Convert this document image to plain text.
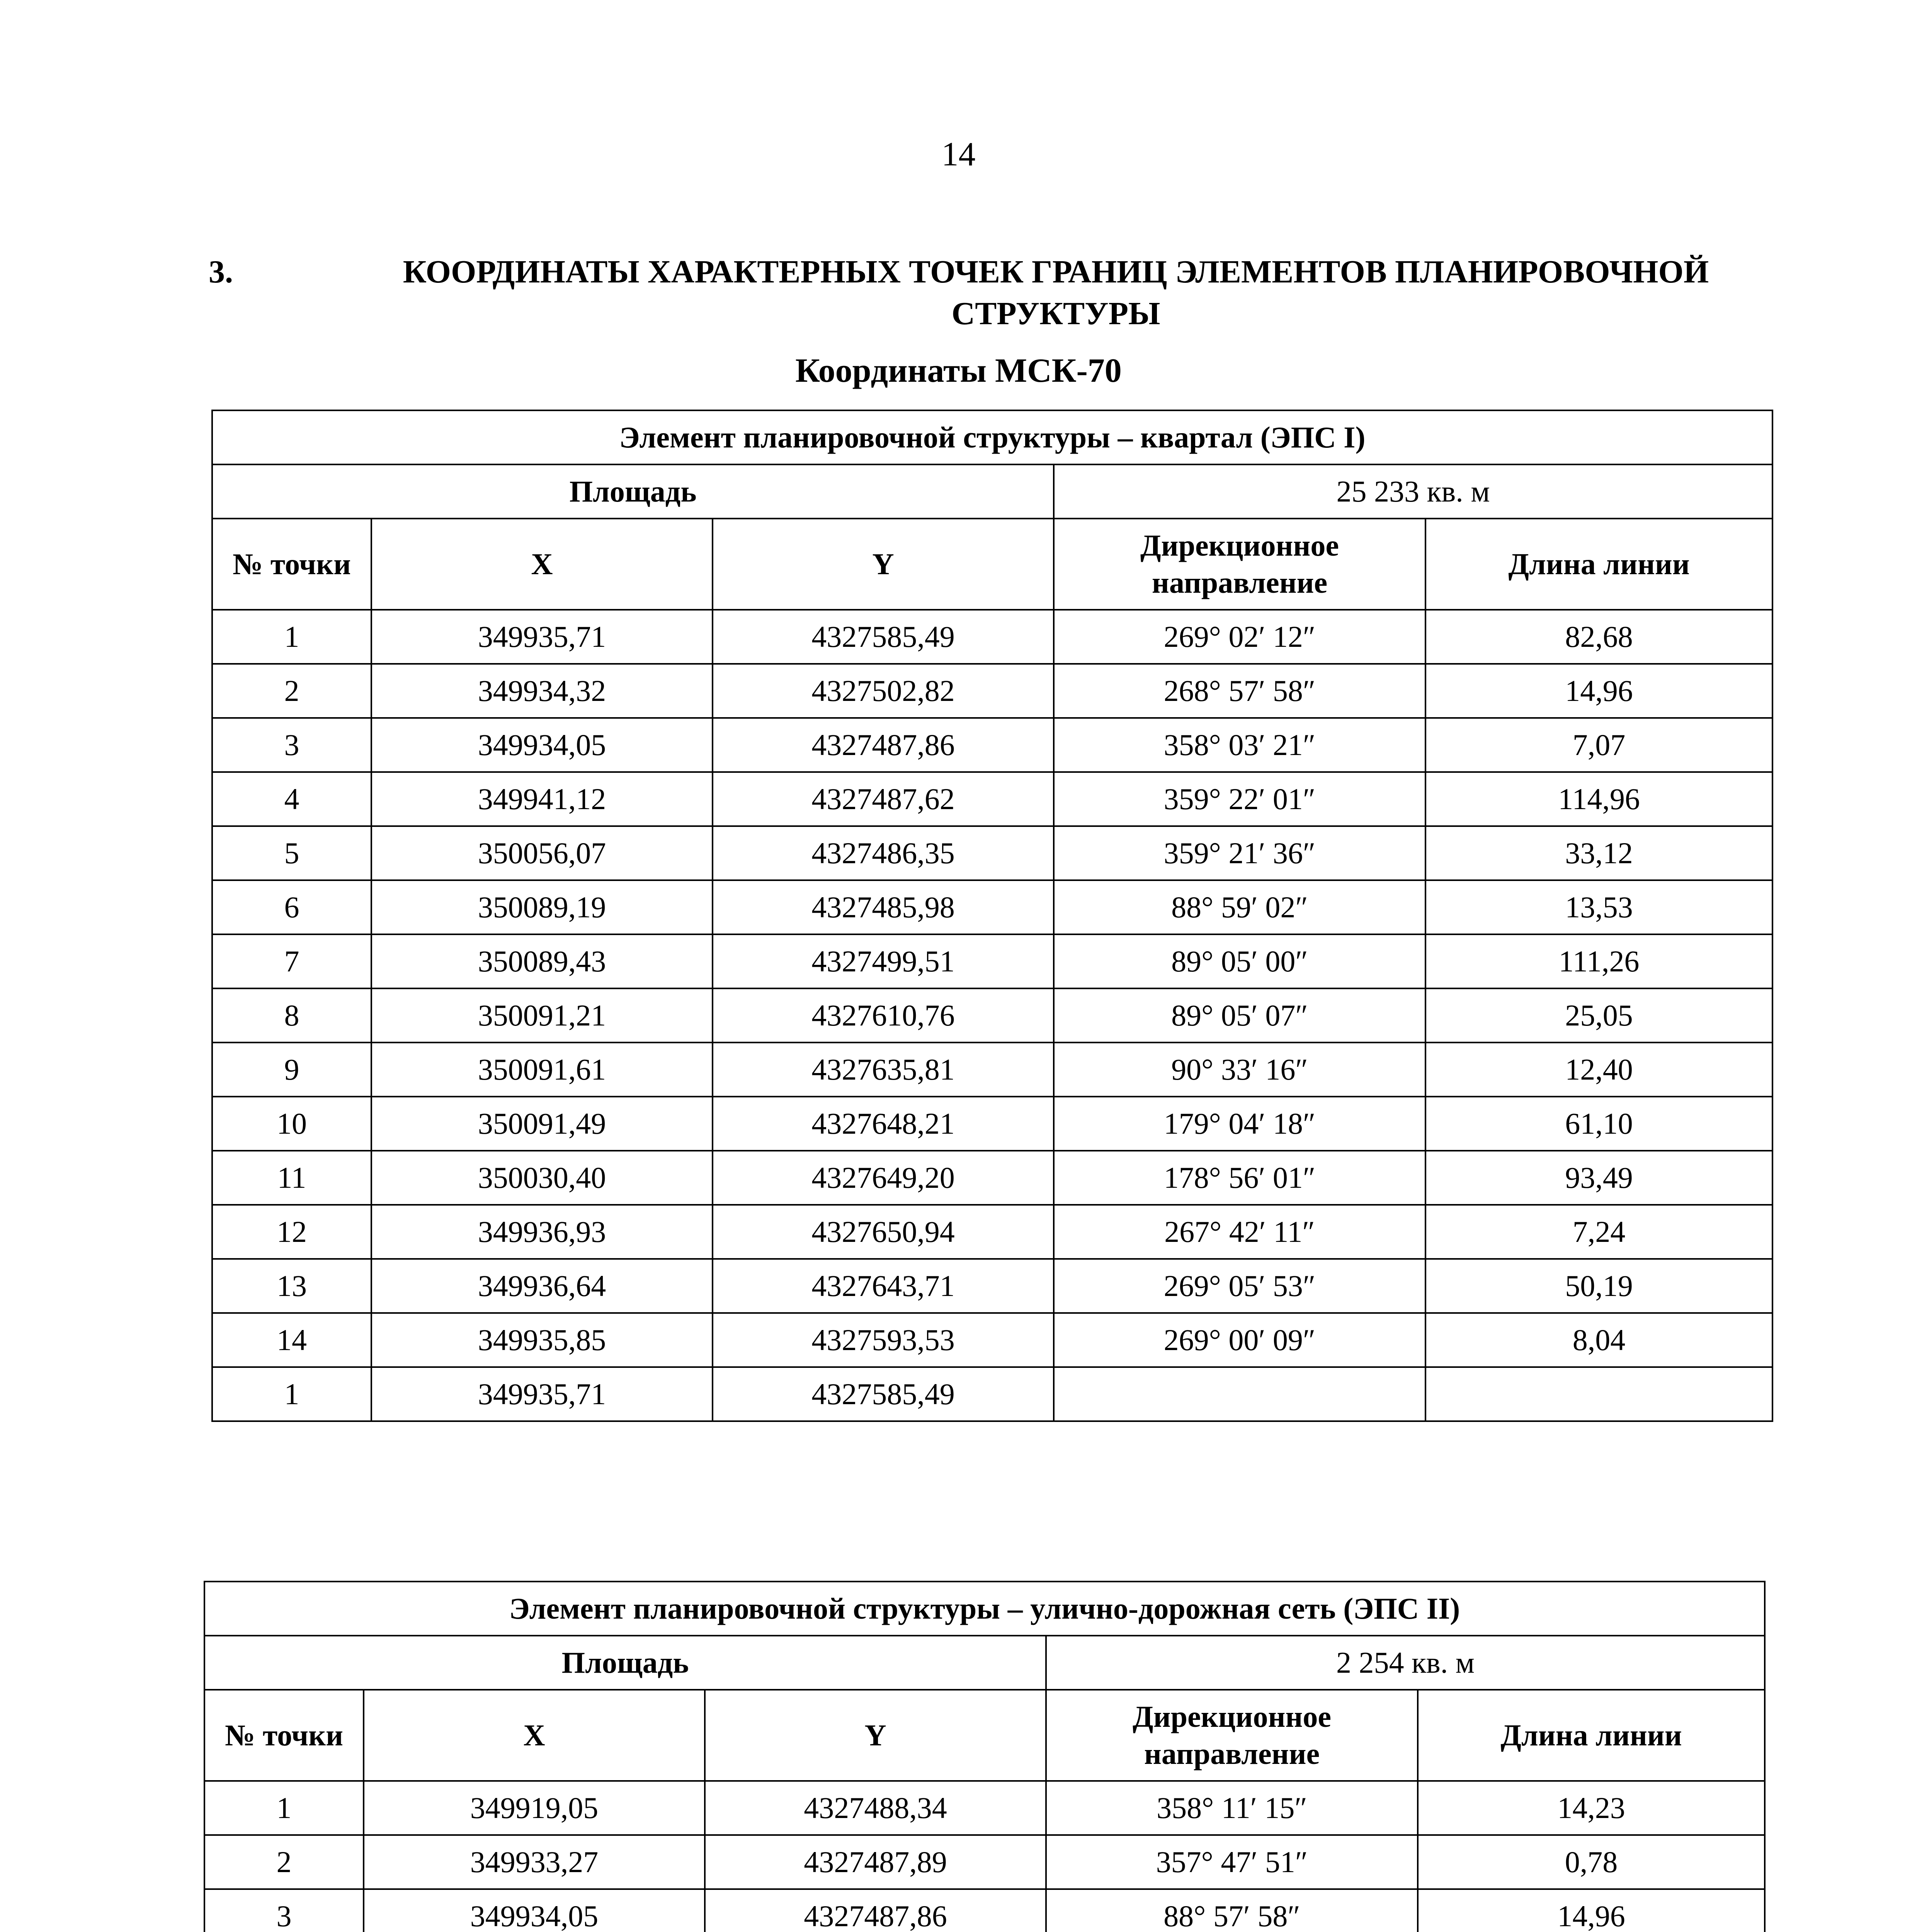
14
3.	КООРДИНАТЫ ХАРАКТЕРНЫХ ТОЧЕК ГРАНИЦ ЭЛЕМЕНТОВ ПЛАНИРОВОЧНОЙ СТРУКТУРЫ
Координаты МСК-70
Элемент планировочной структуры – квартал (ЭПС I)				
Площадь			25 233 кв. м	
№ точки	X	Y	Дирекционное направление	Длина линии
1	349935,71	4327585,49	269° 02′ 12″	82,68
2	349934,32	4327502,82	268° 57′ 58″	14,96
3	349934,05	4327487,86	358° 03′ 21″	7,07
4	349941,12	4327487,62	359° 22′ 01″	114,96
5	350056,07	4327486,35	359° 21′ 36″	33,12
6	350089,19	4327485,98	88° 59′ 02″	13,53
7	350089,43	4327499,51	89° 05′ 00″	111,26
8	350091,21	4327610,76	89° 05′ 07″	25,05
9	350091,61	4327635,81	90° 33′ 16″	12,40
10	350091,49	4327648,21	179° 04′ 18″	61,10
11	350030,40	4327649,20	178° 56′ 01″	93,49
12	349936,93	4327650,94	267° 42′ 11″	7,24
13	349936,64	4327643,71	269° 05′ 53″	50,19
14	349935,85	4327593,53	269° 00′ 09″	8,04
1	349935,71	4327585,49		
Элемент планировочной структуры – улично-дорожная сеть (ЭПС II)				
Площадь			2 254 кв. м	
№ точки	X	Y	Дирекционное направление	Длина линии
1	349919,05	4327488,34	358° 11′ 15″	14,23
2	349933,27	4327487,89	357° 47′ 51″	0,78
3	349934,05	4327487,86	88° 57′ 58″	14,96
